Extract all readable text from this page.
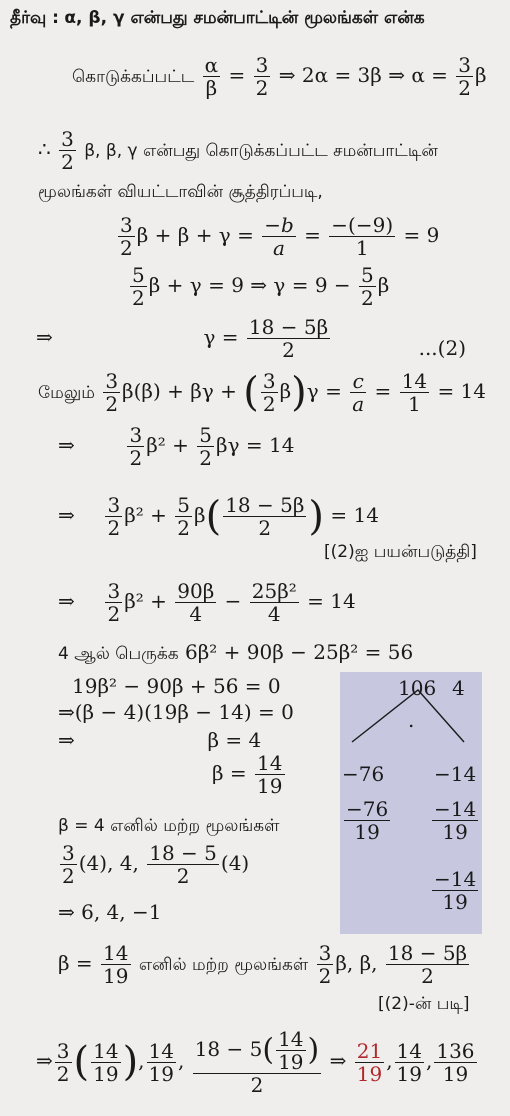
தீர்வு : α, β, γ என்பது சமன்பாட்டின் மூலங்கள் என்க
கொடுக்கப்பட்ட $\frac{\alpha}{\beta} = \frac{3}{2}$ ⇒ 2α = 3β ⇒ $\alpha = \frac{3}{2}$ β
∴ $\frac{3}{2} \beta$, β, γ என்பது கொடுக்கப்பட்ட சமன்பாட்டின்
மூலங்கள் வியட்டாவின் சூத்திரப்படி,
$\frac{3}{2}$ $\beta + \beta + \gamma = \frac{-b}{a} = \frac{-(-9)}{1} = 9$
$\frac{5}{2}$ β + γ = 9 ⇒ $\gamma = 9 - \frac{5}{2}$ β
⇒	$\gamma = \frac{18 - 5\beta}{2}$	...(2)
மேலும் $\frac{3}{2} \beta(\beta) + \beta\gamma$ + ( $\frac{3}{2} \beta)\gamma = \frac{c}{a} = \frac{14}{1} = 14$
⇒	$\frac{3}{2} \beta^2 + \frac{5}{2}$ βγ = 14
⇒ $\frac{3}{2} \beta^2 + \frac{5}{2} \beta( \frac{18 - 5\beta}{2}$ ) = 14
[(2)ஐ பயன்படுத்தி]
⇒ $\frac{3}{2} \beta^2 + \frac{90\beta}{4} - \frac{\text{25β²}}{4} = 14$
4 ஆல் பெருக்க 6β² + 90β − 25β² = 56
19β² − 90β + 56 = 0
⇒(β − 4)(19β − 14) = 0
⇒	β = 4
$\beta = \frac{14}{19}$
106 4
.
−76 −14
$\frac{-76}{19} \frac{-14}{19}$
$\frac{-14}{19}$
β = 4 எனில் மற்ற மூலங்கள்
$\frac{3}{2} (4)$, 4, $\frac{18 - 5}{2} (4)$
⇒ 6, 4, −1
$\beta = \frac{14}{19}$ எனில் மற்ற மூலங்கள் $\frac{3}{2} \beta$, β, $\frac{18 - 5\beta}{2}$
[(2)-ன் படி]
⇒ $\frac{3}{2}$ ( $\frac{14}{19}$ ), $\frac{14}{19}$ , $\frac{18 - 5( \frac{14}{19} )}{2}$ ⇒ $\frac{21}{19}$ , $\frac{14}{19}$ , $\frac{136}{19}$
